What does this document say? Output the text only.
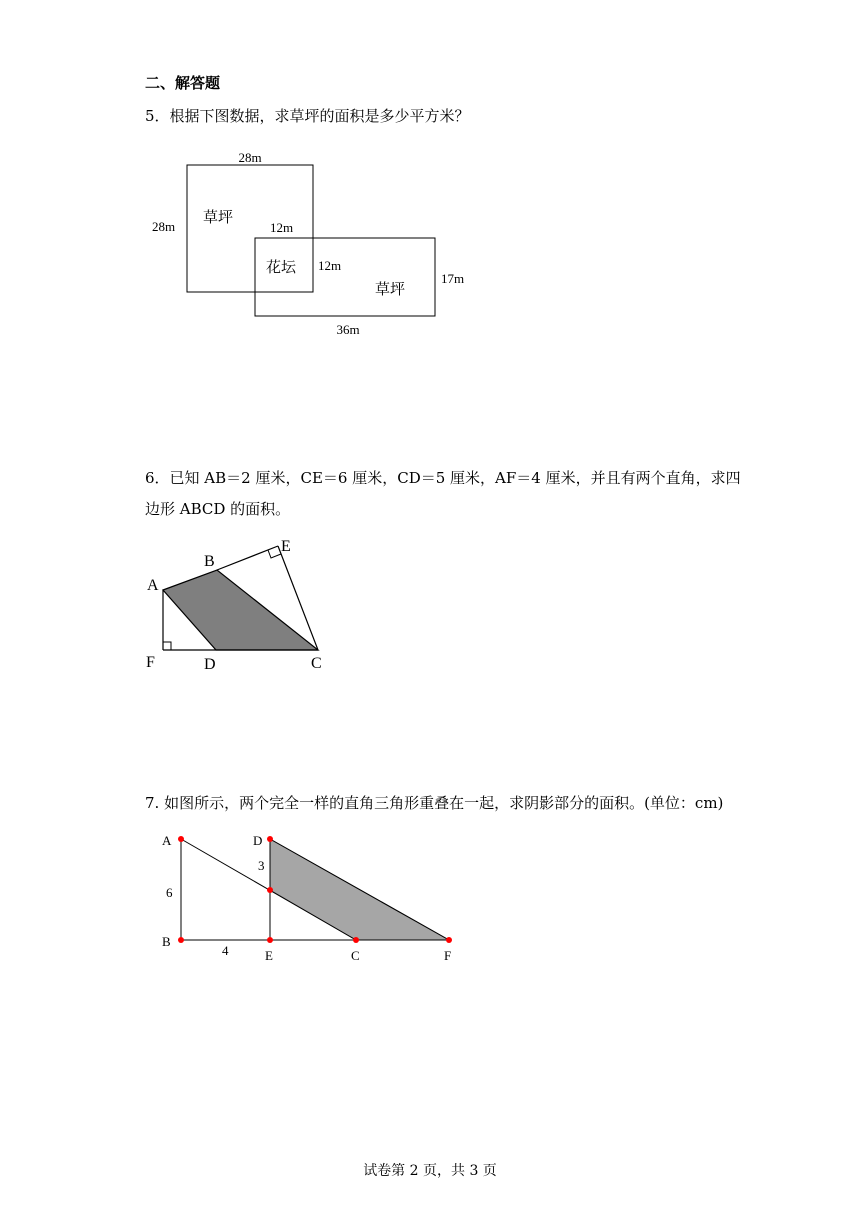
二、解答题
5．根据下图数据，求草坪的面积是多少平方米？
28m
28m
草坪
12m
花坛 12m
草坪
17m
36m
6．已知 AB＝2 厘米，CE＝6 厘米，CD＝5 厘米，AF＝4 厘米，并且有两个直角，求四
边形 ABCD 的面积。
A
B
E
F	D	C
7. 如图所示，两个完全一样的直角三角形重叠在一起，求阴影部分的面积。(单位：cm)
A
B
D
E	C	F
6
4
3
试卷第 2 页，共 3 页
